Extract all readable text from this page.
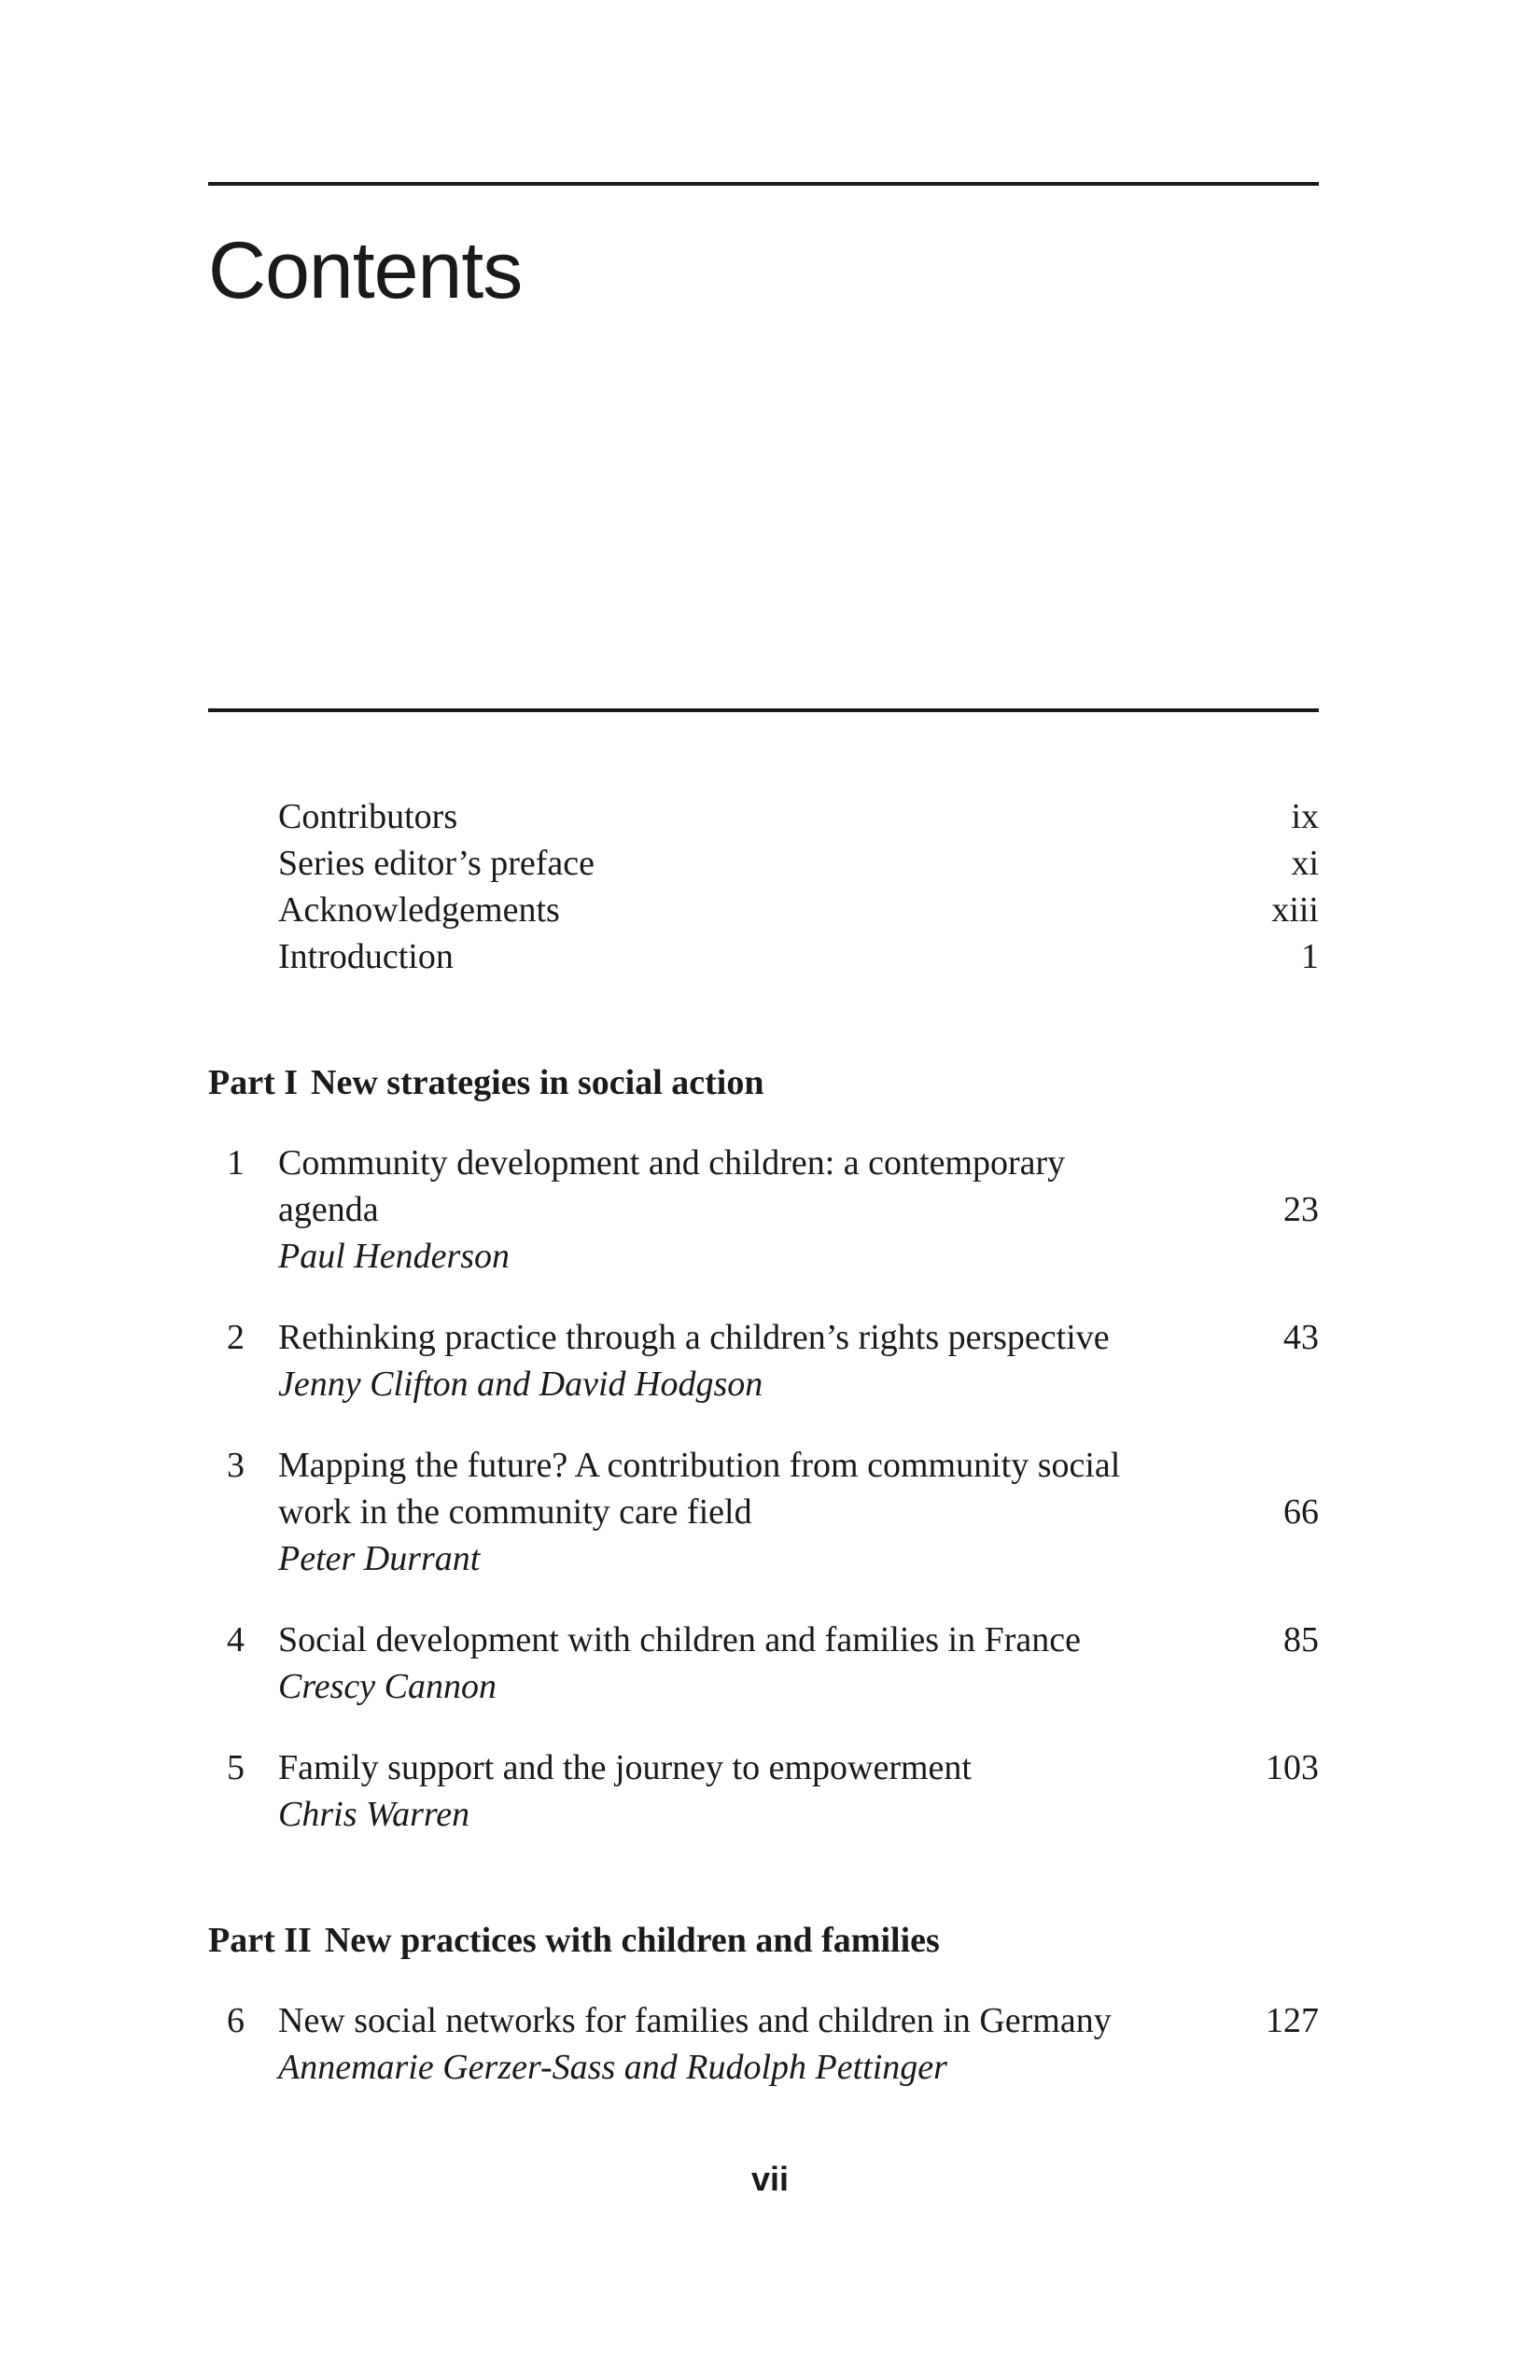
Contents
Contributors	ix
Series editor’s preface	xi
Acknowledgements	xiii
Introduction	1
Part I New strategies in social action
1 Community development and children: a contemporary
agenda	23
Paul Henderson
2 Rethinking practice through a children’s rights perspective	43
Jenny Clifton and David Hodgson
3 Mapping the future? A contribution from community social
work in the community care field	66
Peter Durrant
4 Social development with children and families in France	85
Crescy Cannon
5 Family support and the journey to empowerment	103
Chris Warren
Part II New practices with children and families
6 New social networks for families and children in Germany	127
Annemarie Gerzer-Sass and Rudolph Pettinger
vii
